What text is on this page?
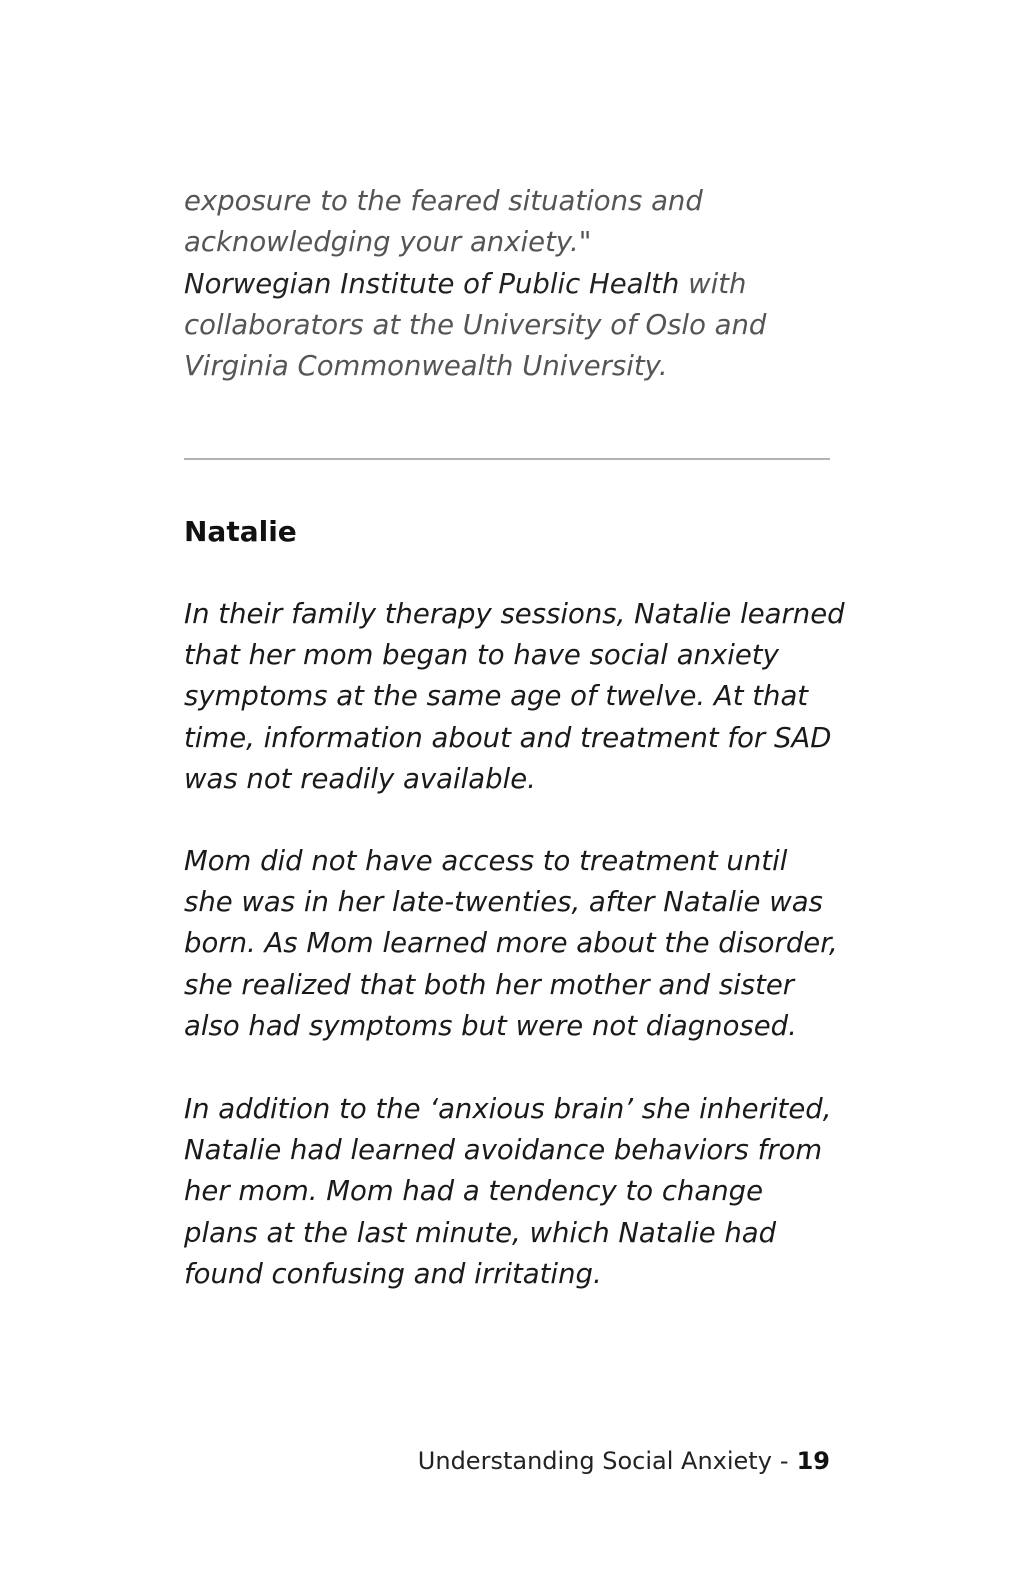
exposure to the feared situations and
acknowledging your anxiety."
Norwegian Institute of Public Health with
collaborators at the University of Oslo and
Virginia Commonwealth University.
Natalie
In their family therapy sessions, Natalie learned
that her mom began to have social anxiety
symptoms at the same age of twelve. At that
time, information about and treatment for SAD
was not readily available.
Mom did not have access to treatment until
she was in her late-twenties, after Natalie was
born. As Mom learned more about the disorder,
she realized that both her mother and sister
also had symptoms but were not diagnosed.
In addition to the ‘anxious brain’ she inherited,
Natalie had learned avoidance behaviors from
her mom. Mom had a tendency to change
plans at the last minute, which Natalie had
found confusing and irritating.
Understanding Social Anxiety - 19
